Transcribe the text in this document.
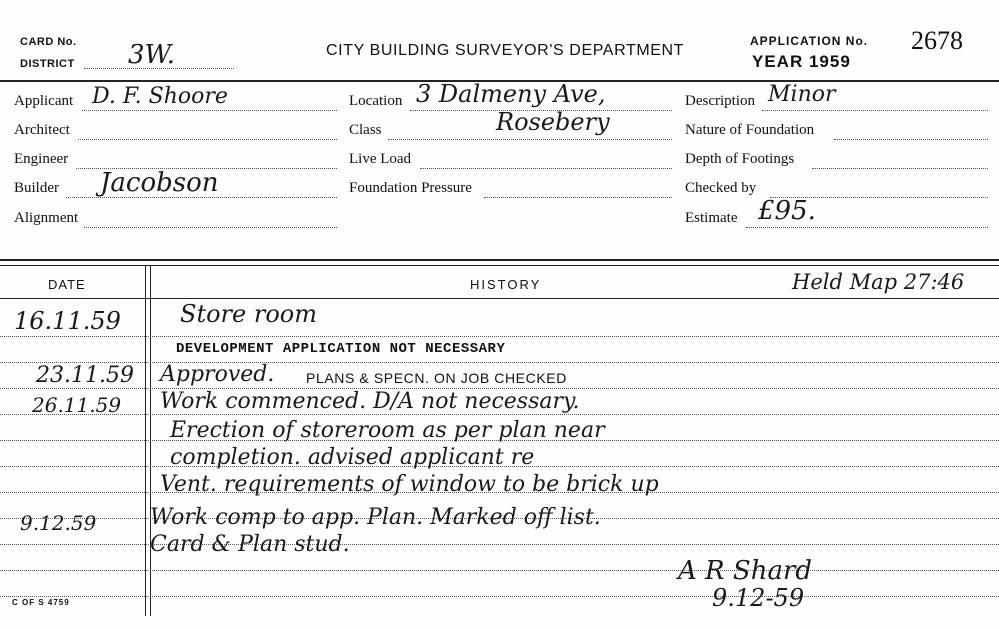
CARD No.
DISTRICT 3W.	CITY BUILDING SURVEYOR'S DEPARTMENT
APPLICATION No. 2678
YEAR 1959
Applicant D. F. Shoore
Architect
Engineer
Builder Jacobson
Alignment
Location 3 Dalmeny Ave,
Class	Rosebery
Live Load
Foundation Pressure
Description Minor
Nature of Foundation
Depth of Footings
Checked by
Estimate £95.
DATE	HISTORY	Held Map 27:46
16.11.59 Store room
DEVELOPMENT APPLICATION NOT NECESSARY
23.11.59 Approved. PLANS & SPECN. ON JOB CHECKED
26.11.59 Work commenced. D/A not necessary.
Erection of storeroom as per plan near
completion. advised applicant re
Vent. requirements of window to be brick up
9.12.59 Work comp to app. Plan. Marked off list.
Card & Plan stud.
A R Shard
9.12-59
C OF S 4759
